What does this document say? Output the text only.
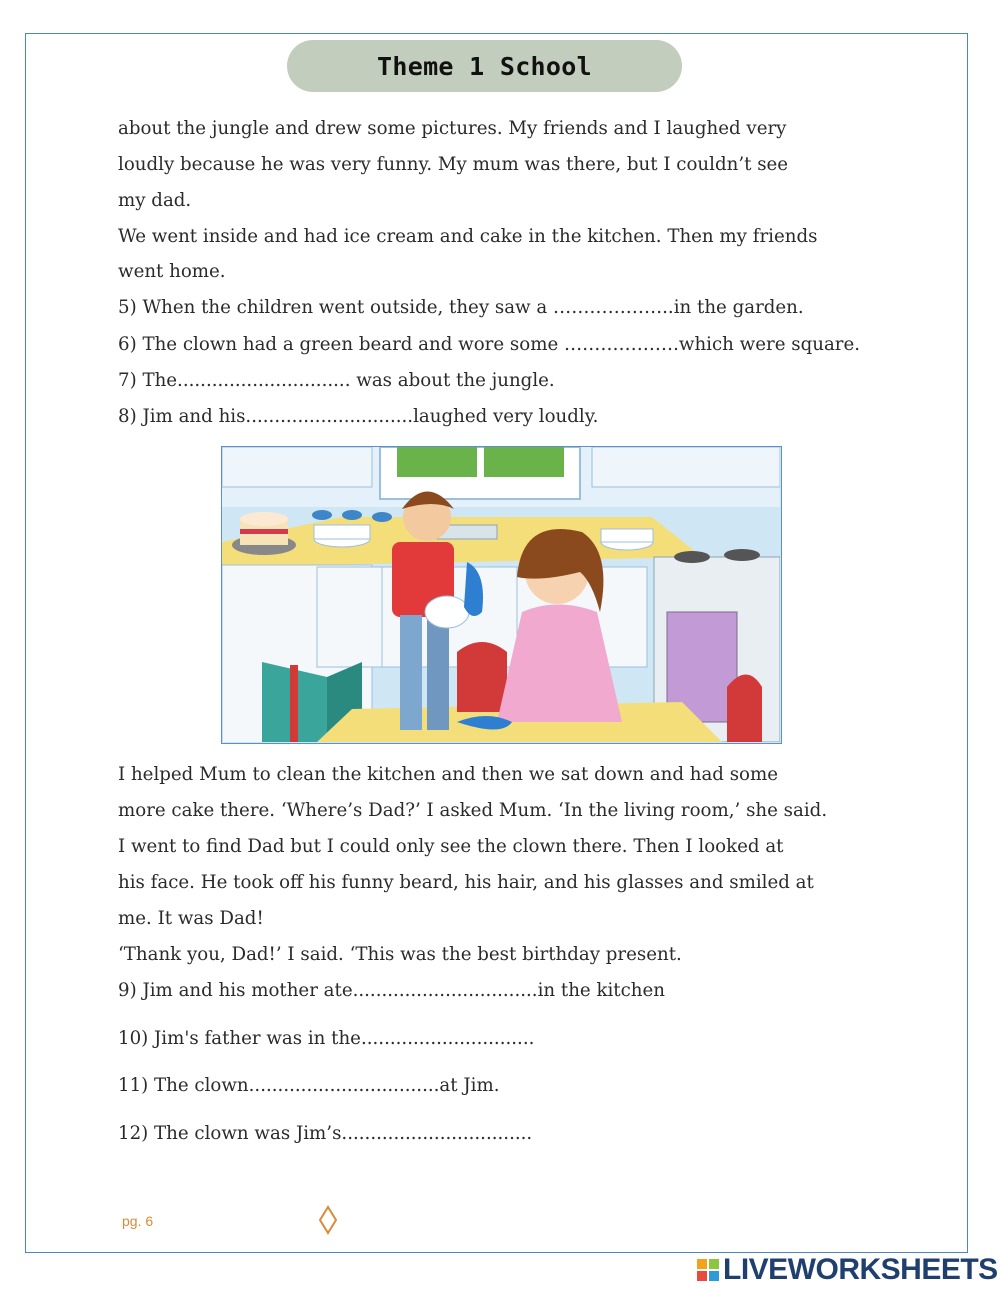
Theme 1 School
about the jungle and drew some pictures. My friends and I laughed very
loudly because he was very funny. My mum was there, but I couldn’t see
my dad.
We went inside and had ice cream and cake in the kitchen. Then my friends
went home.
5) When the children went outside, they saw a ………………..in the garden.
6) The clown had a green beard and wore some ……………….which were square.
7) The.............................. was about the jungle.
8) Jim and his.............................laughed very loudly.
I helped Mum to clean the kitchen and then we sat down and had some
more cake there. ‘Where’s Dad?’ I asked Mum. ‘In the living room,’ she said.
I went to find Dad but I could only see the clown there. Then I looked at
his face. He took off his funny beard, his hair, and his glasses and smiled at
me. It was Dad!
‘Thank you, Dad!’ I said. ‘This was the best birthday present.
9) Jim and his mother ate................................in the kitchen
10) Jim's father was in the..............................
11) The clown.................................at Jim.
12) The clown was Jim’s.................................
pg. 6
LIVEWORKSHEETS
